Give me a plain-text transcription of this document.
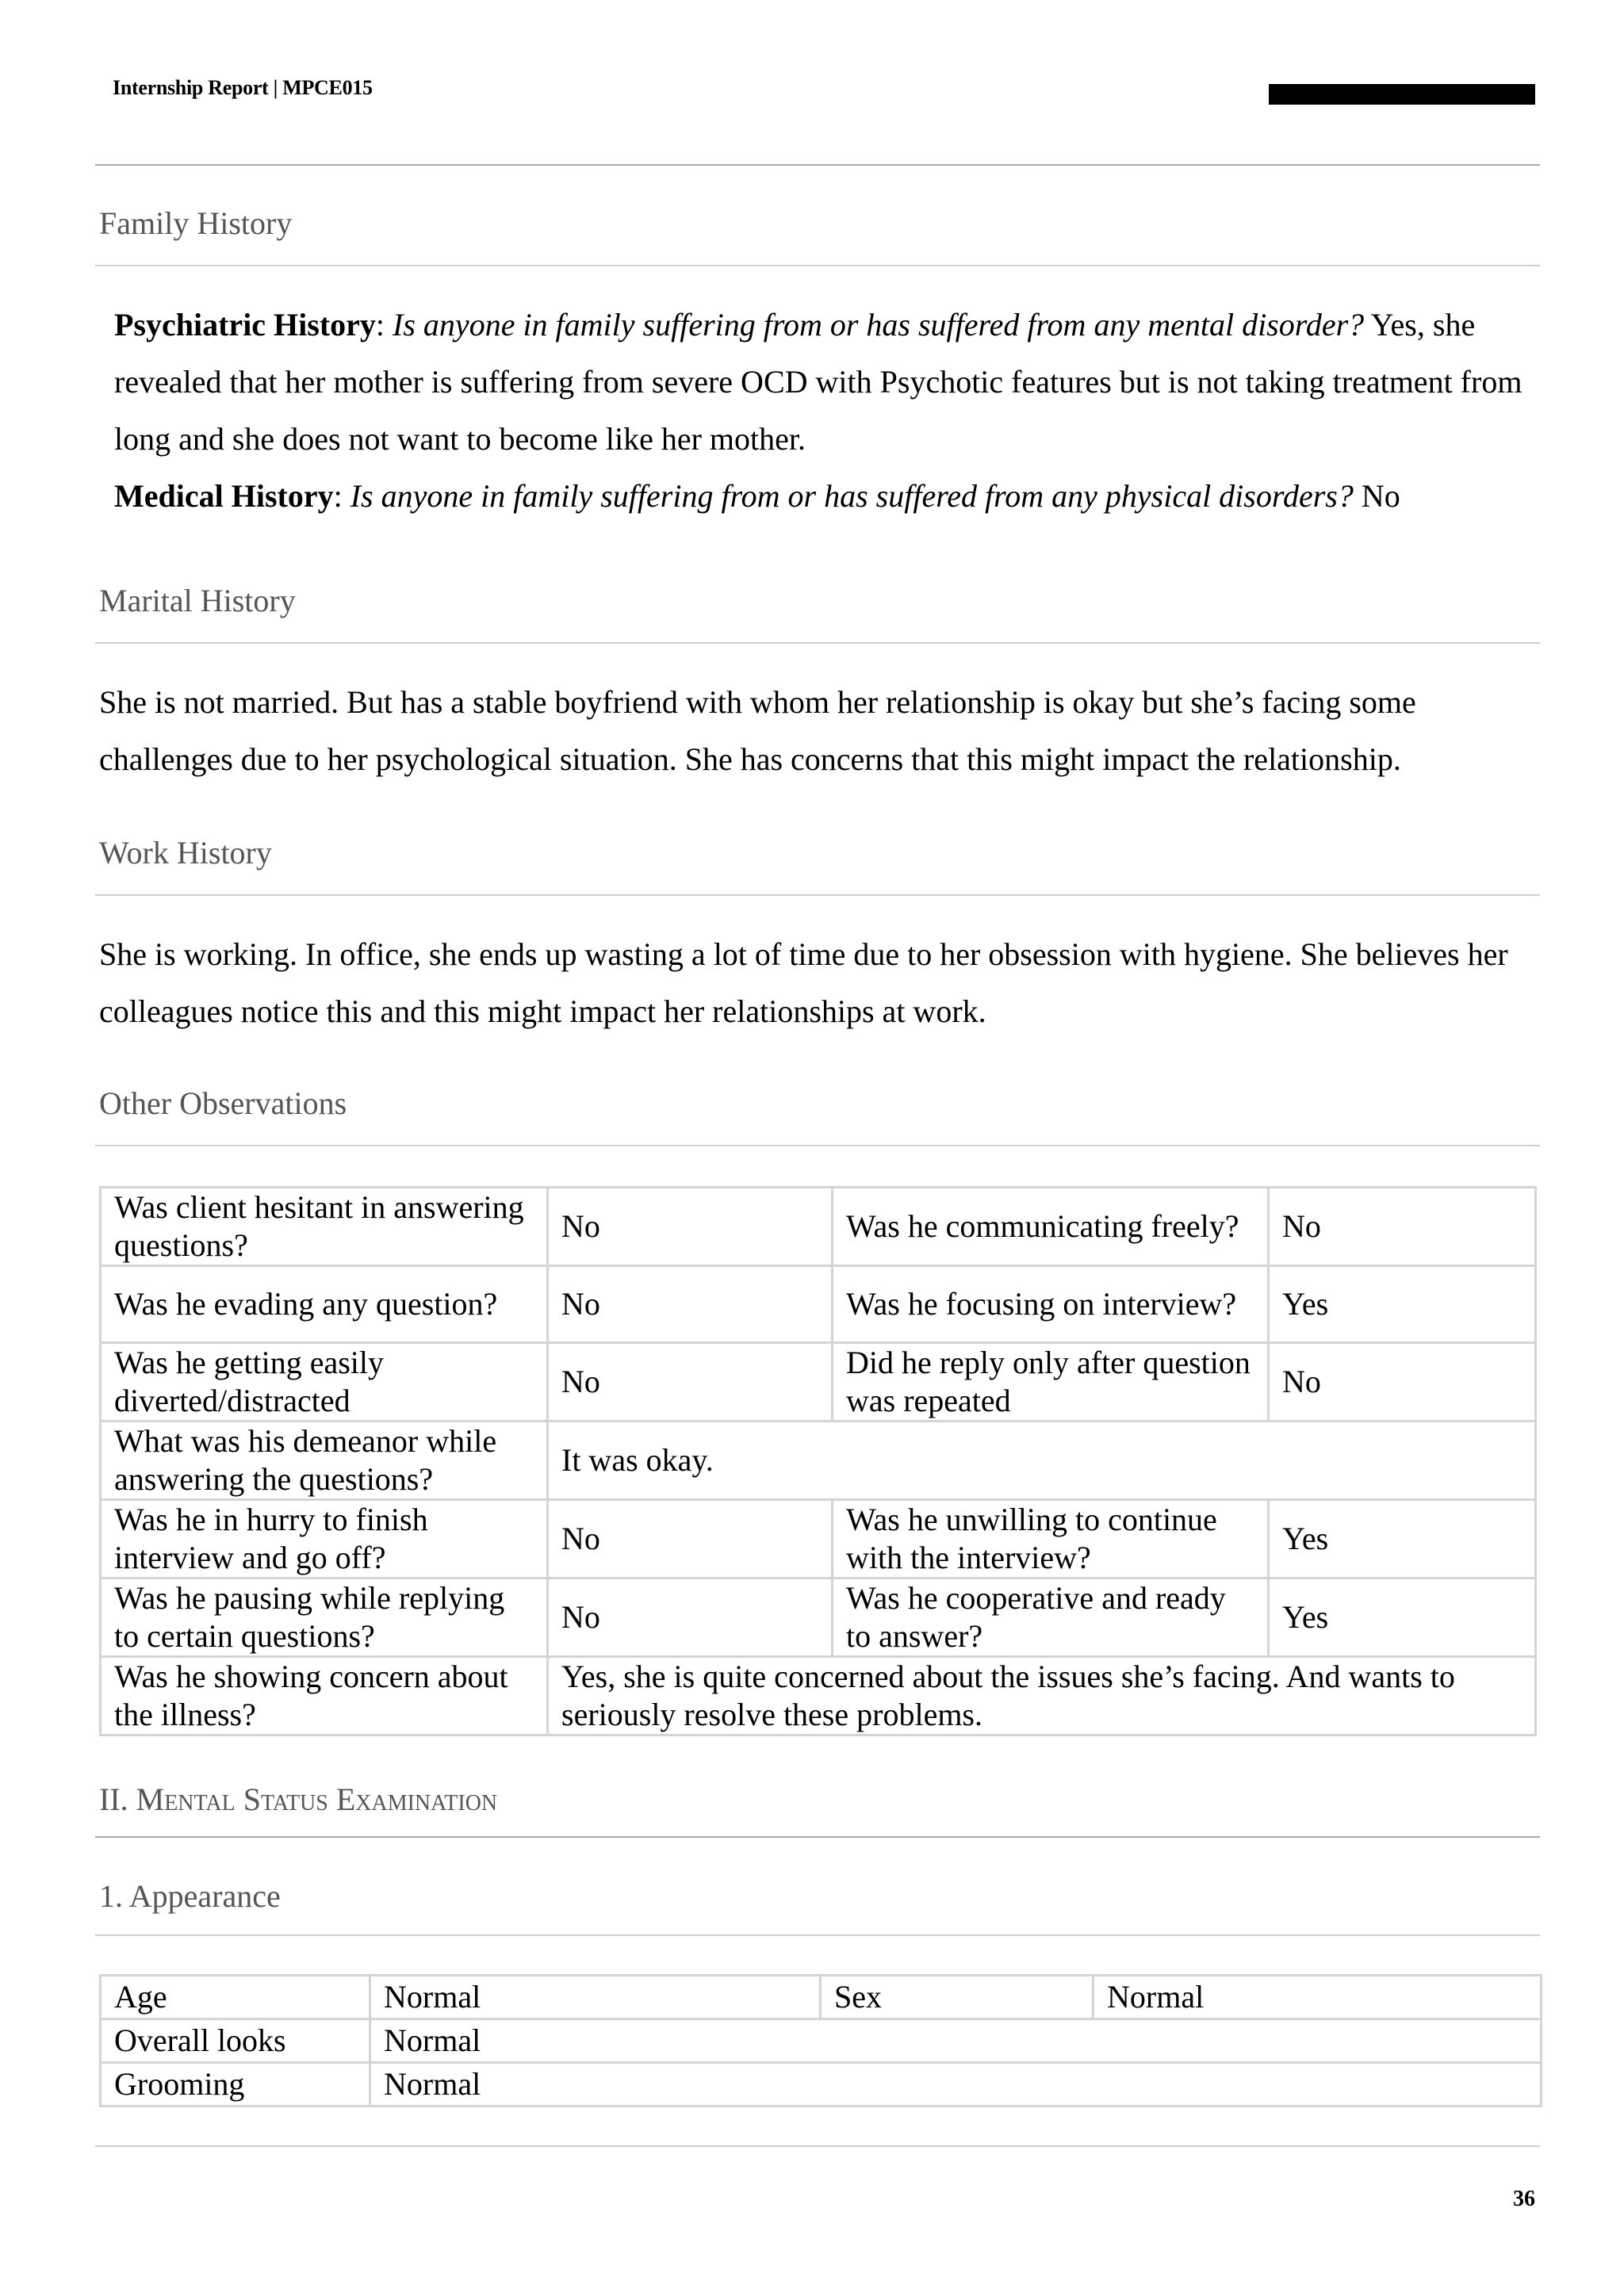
Internship Report | MPCE015
Family History

Psychiatric History: Is anyone in family suffering from or has suffered from any mental disorder? Yes, she revealed that her mother is suffering from severe OCD with Psychotic features but is not taking treatment from long and she does not want to become like her mother.
Medical History: Is anyone in family suffering from or has suffered from any physical disorders? No

Marital History

She is not married. But has a stable boyfriend with whom her relationship is okay but she’s facing some challenges due to her psychological situation. She has concerns that this might impact the relationship.

Work History

She is working. In office, she ends up wasting a lot of time due to her obsession with hygiene. She believes her colleagues notice this and this might impact her relationships at work.

Other Observations
Was client hesitant in answering questions?	No	Was he communicating freely?	No
Was he evading any question?	No	Was he focusing on interview?	Yes
Was he getting easily diverted/distracted	No	Did he reply only after question was repeated	No
What was his demeanor while answering the questions?	It was okay.		
Was he in hurry to finish interview and go off?	No	Was he unwilling to continue with the interview?	Yes
Was he pausing while replying to certain questions?	No	Was he cooperative and ready to answer?	Yes
Was he showing concern about the illness?	Yes, she is quite concerned about the issues she’s facing. And wants to seriously resolve these problems.		
II. Mental Status Examination
1. Appearance
Age	Normal	Sex	Normal
Overall looks	Normal		
Grooming	Normal		
36
